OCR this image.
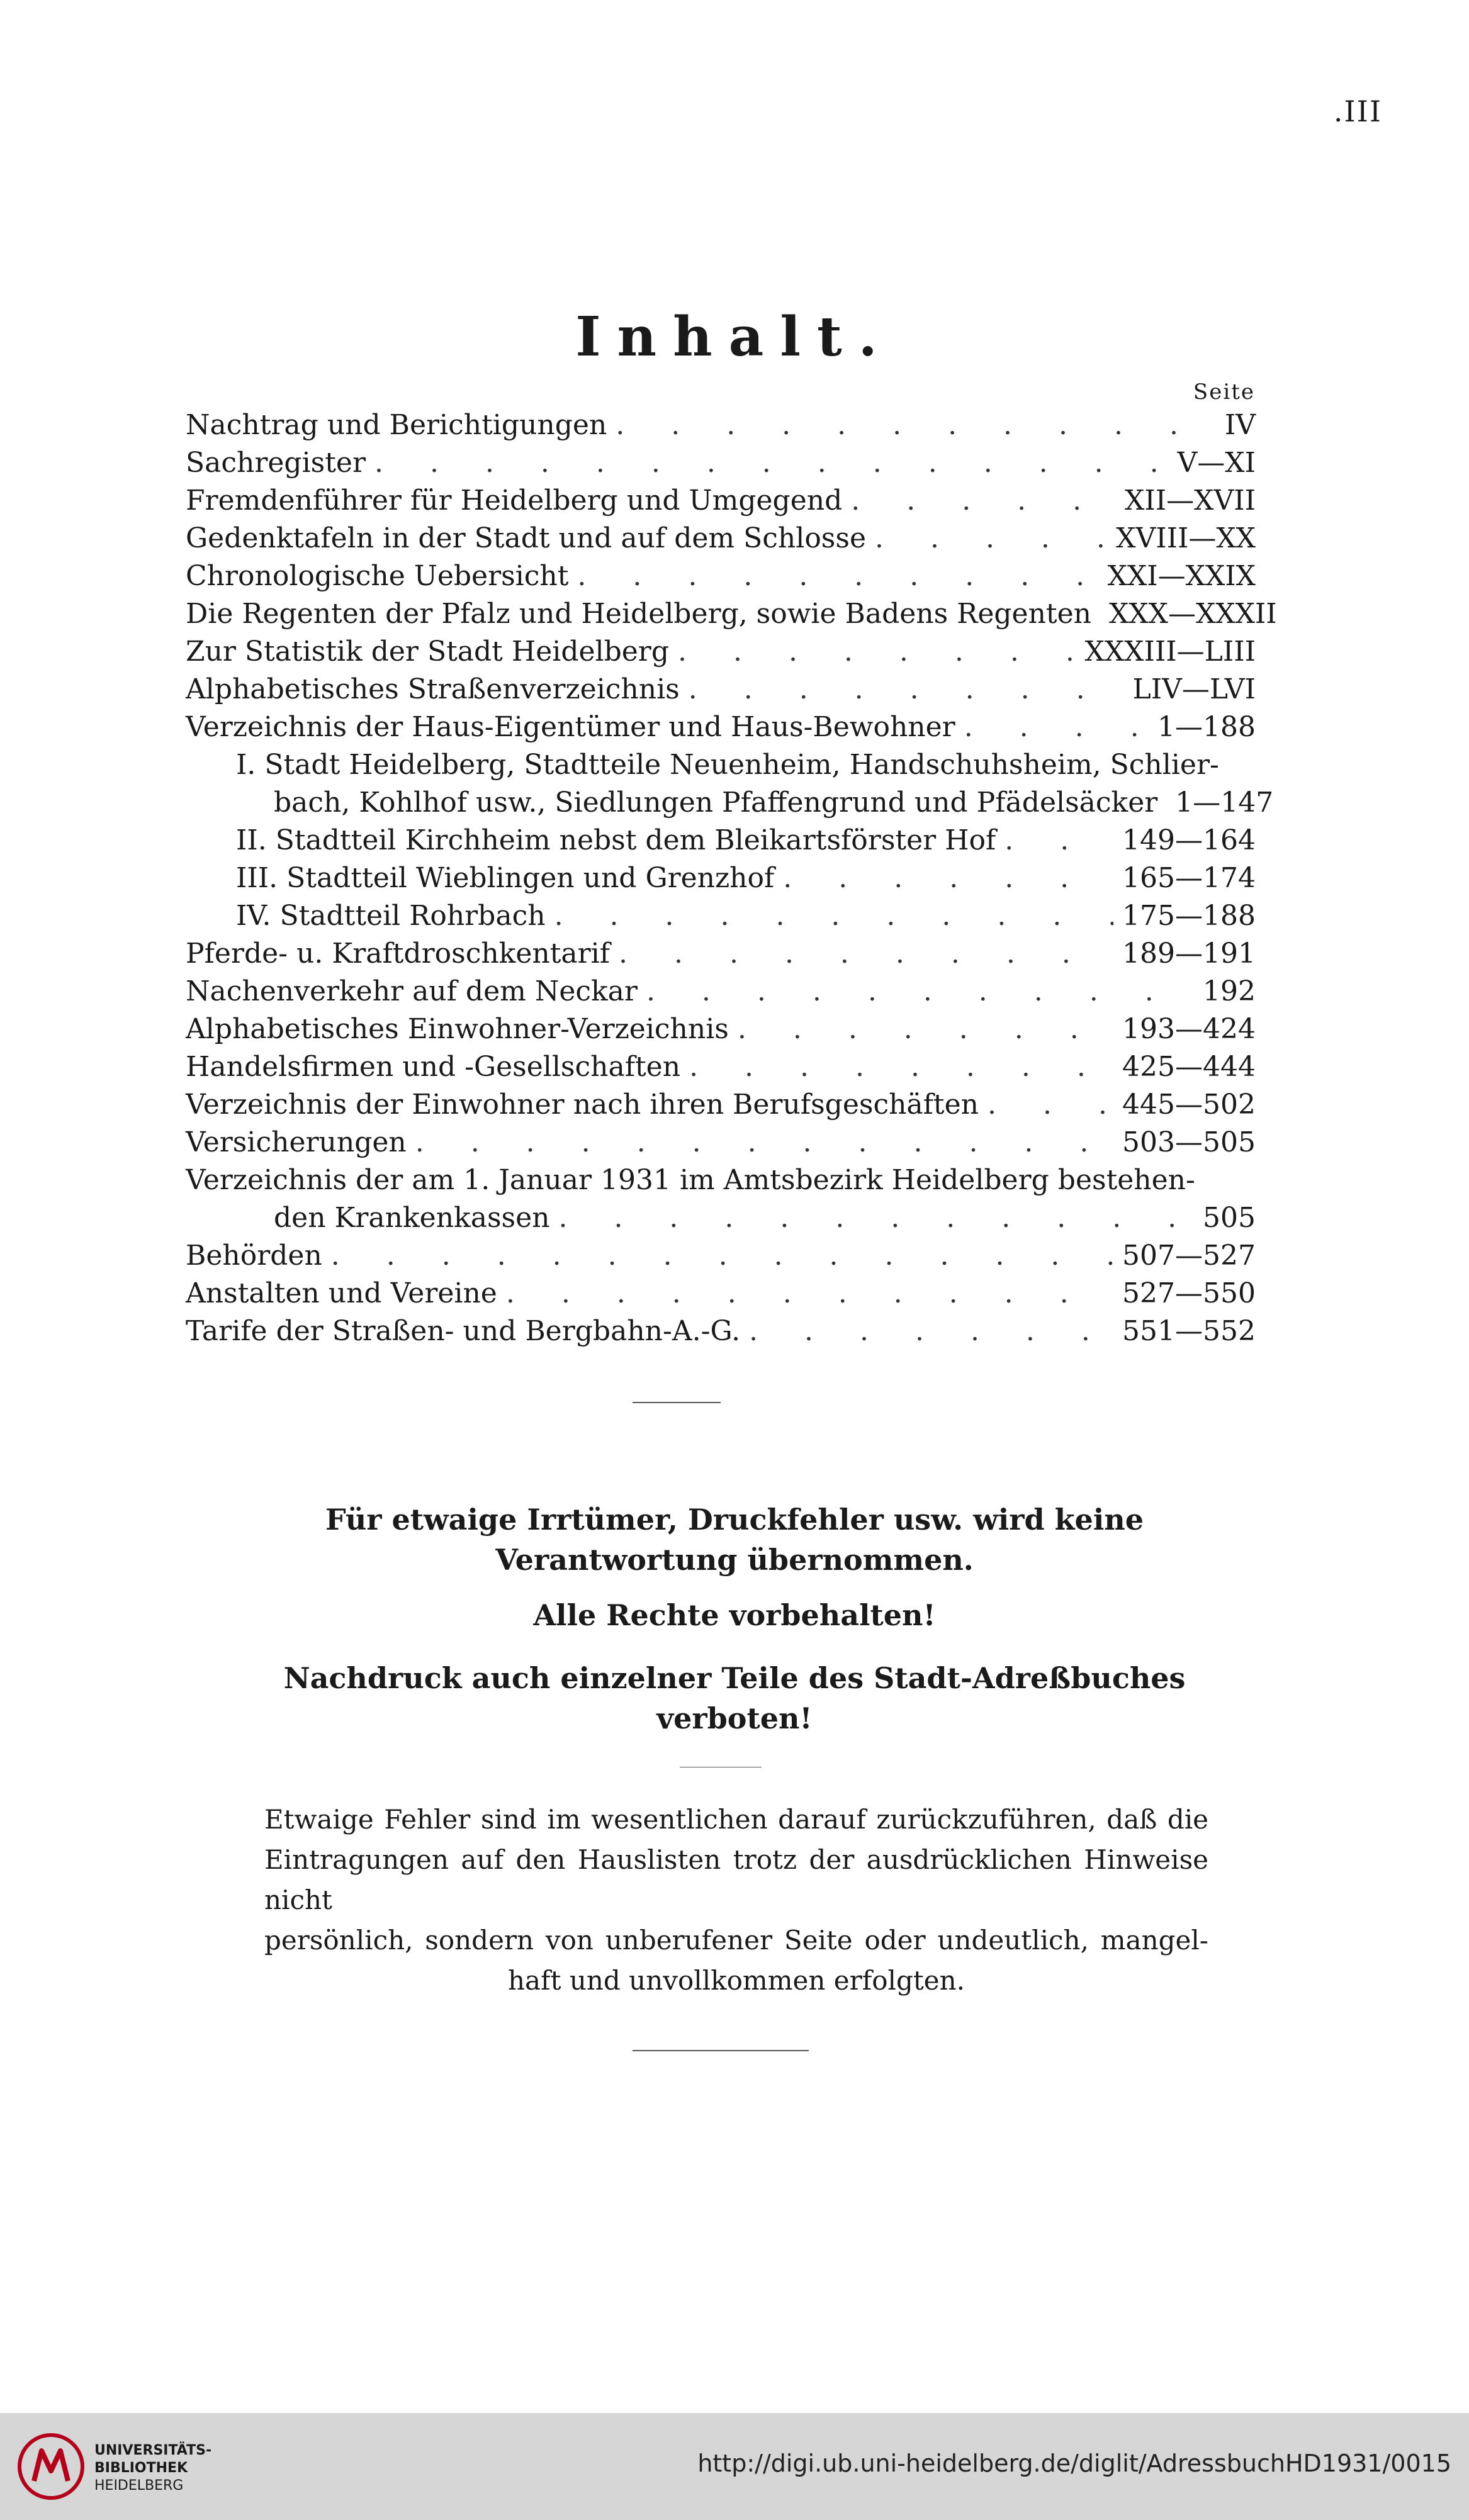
.III
Inhalt.
Seite
Nachtrag und Berichtigungen . . .	IV
Sachregister . . .	V—XI
Fremdenführer für Heidelberg und Umgegend . . .	XII—XVII
Gedenktafeln in der Stadt und auf dem Schlosse . . .	XVIII—XX
Chronologische Uebersicht . . .	XXI—XXIX
Die Regenten der Pfalz und Heidelberg, sowie Badens Regenten XXX—XXXII
Zur Statistik der Stadt Heidelberg . . .	XXXIII—LIII
Alphabetisches Straßenverzeichnis . . .	LIV—LVI
Verzeichnis der Haus-Eigentümer und Haus-Bewohner . . .	1—188
I. Stadt Heidelberg, Stadtteile Neuenheim, Handschuhsheim, Schlier-
bach, Kohlhof usw., Siedlungen Pfaffengrund und Pfädelsäcker 1—147
II. Stadtteil Kirchheim nebst dem Bleikartsförster Hof . . .	149—164
III. Stadtteil Wieblingen und Grenzhof . . .	165—174
IV. Stadtteil Rohrbach . . .	175—188
Pferde- u. Kraftdroschkentarif . . .	189—191
Nachenverkehr auf dem Neckar . . .	192
Alphabetisches Einwohner-Verzeichnis . . .	193—424
Handelsfirmen und -Gesellschaften . . .	425—444
Verzeichnis der Einwohner nach ihren Berufsgeschäften . . .	445—502
Versicherungen . . .	503—505
Verzeichnis der am 1. Januar 1931 im Amtsbezirk Heidelberg bestehen-
den Krankenkassen . . .	505
Behörden . . .	507—527
Anstalten und Vereine . . .	527—550
Tarife der Straßen- und Bergbahn-A.-G. . . .	551—552
Für etwaige Irrtümer, Druckfehler usw. wird keine
Verantwortung übernommen.
Alle Rechte vorbehalten!
Nachdruck auch einzelner Teile des Stadt-Adreßbuches
verboten!
Etwaige Fehler sind im wesentlichen darauf zurückzuführen, daß die
Eintragungen auf den Hauslisten trotz der ausdrücklichen Hinweise nicht
persönlich, sondern von unberufener Seite oder undeutlich, mangel-
haft und unvollkommen erfolgten.
UNIVERSITÄTS-
BIBLIOTHEK
HEIDELBERG
http://digi.ub.uni-heidelberg.de/diglit/AdressbuchHD1931/0015
